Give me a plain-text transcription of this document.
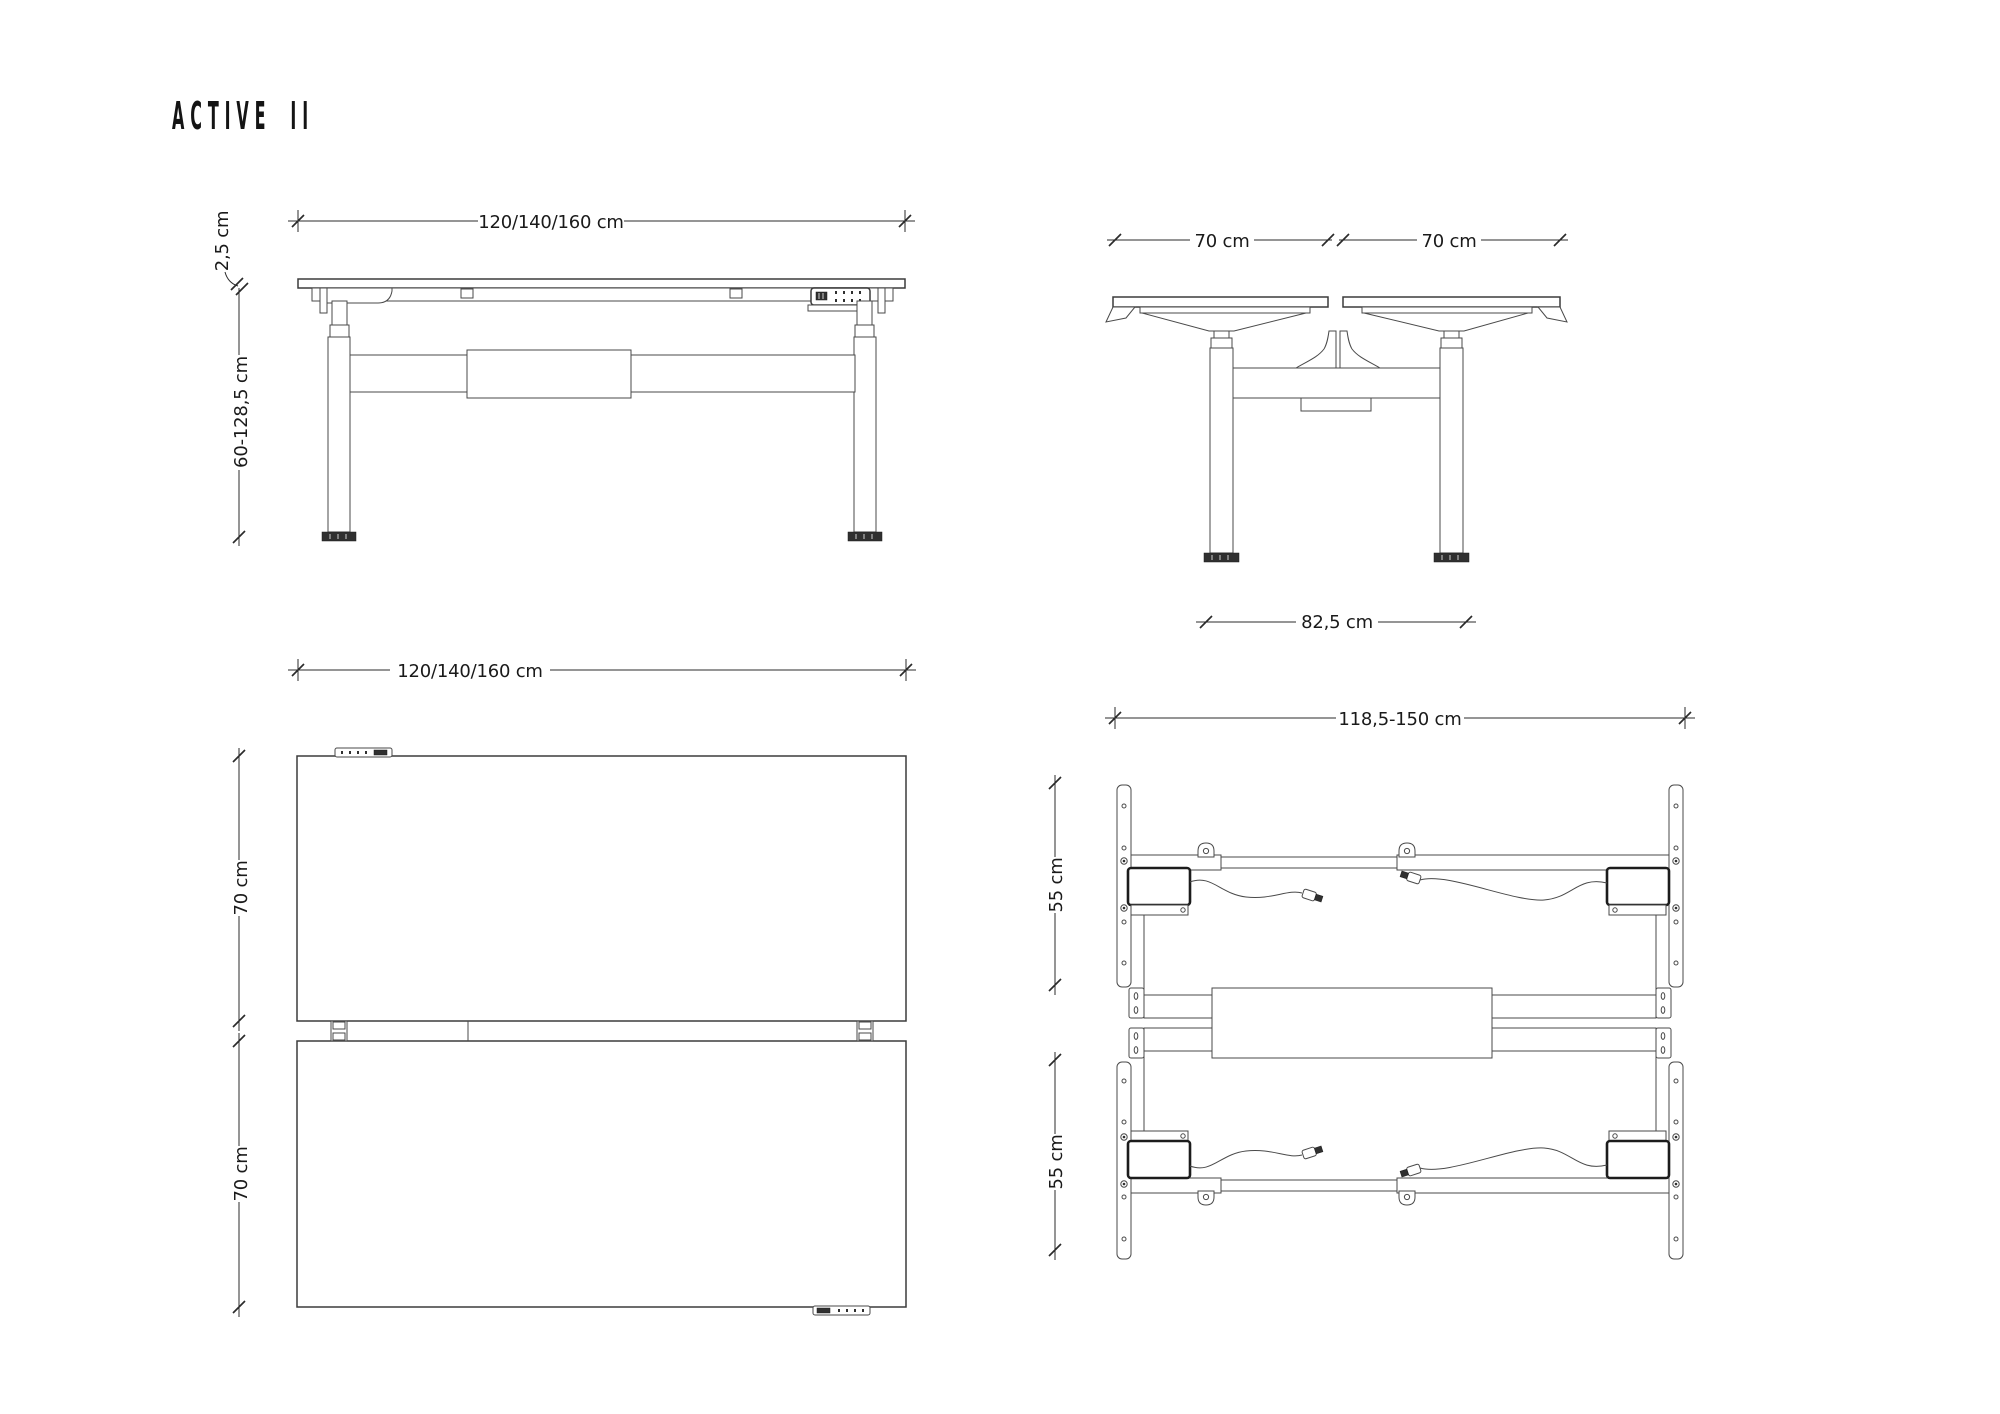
ACTIVE II
120/140/160 cm
2,5 cm
60-128,5 cm
70 cm	70 cm
82,5 cm
120/140/160 cm
70 cm
70 cm
118,5-150 cm
55 cm
55 cm
